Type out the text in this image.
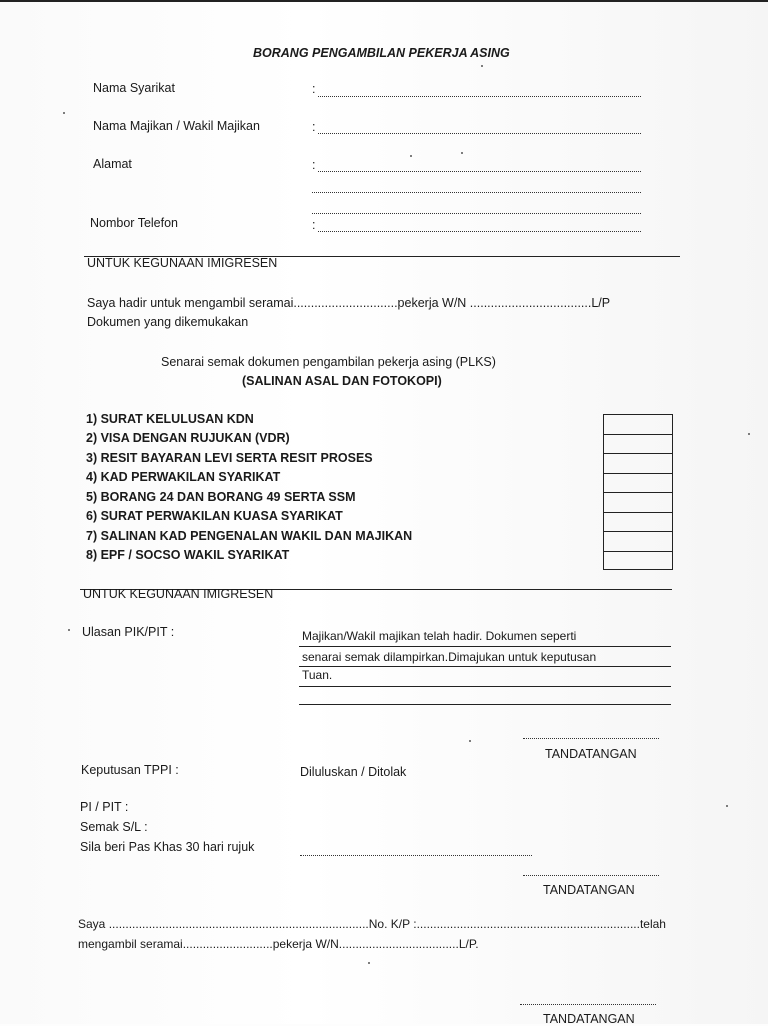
BORANG PENGAMBILAN PEKERJA ASING
Nama Syarikat	:
Nama Majikan / Wakil Majikan	:
Alamat	:
Nombor Telefon	:
UNTUK KEGUNAAN IMIGRESEN
Saya hadir untuk mengambil seramai..............................pekerja W/N ...................................L/P
Dokumen yang dikemukakan
Senarai semak dokumen pengambilan pekerja asing (PLKS)
(SALINAN ASAL DAN FOTOKOPI)
1) SURAT KELULUSAN KDN
2) VISA DENGAN RUJUKAN (VDR)
3) RESIT BAYARAN LEVI SERTA RESIT PROSES
4) KAD PERWAKILAN SYARIKAT
5) BORANG 24 DAN BORANG 49 SERTA SSM
6) SURAT PERWAKILAN KUASA SYARIKAT
7) SALINAN KAD PENGENALAN WAKIL DAN MAJIKAN
8) EPF / SOCSO WAKIL SYARIKAT
UNTUK KEGUNAAN IMIGRESEN
Ulasan PIK/PIT :	Majikan/Wakil majikan telah hadir. Dokumen seperti
senarai semak dilampirkan.Dimajukan untuk keputusan
Tuan.
TANDATANGAN
Keputusan TPPI :	Diluluskan / Ditolak
PI / PIT :
Semak S/L :
Sila beri Pas Khas 30 hari rujuk
TANDATANGAN
Saya ..............................................................................No. K/P :...................................................................telah
mengambil seramai...........................pekerja W/N....................................L/P.
TANDATANGAN
